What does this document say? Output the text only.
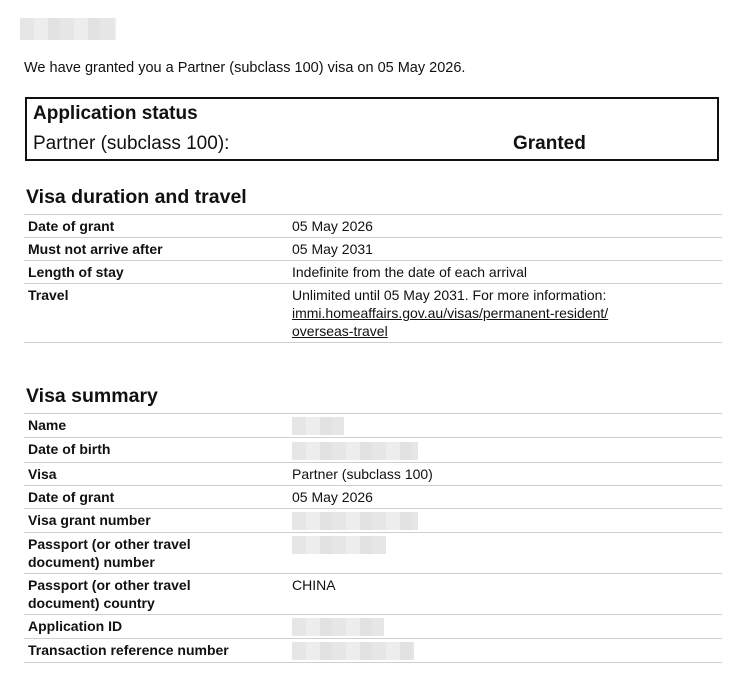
We have granted you a Partner (subclass 100) visa on 05 May 2026.
Application status
Partner (subclass 100):	Granted
Visa duration and travel
Date of grant	05 May 2026
Must not arrive after	05 May 2031
Length of stay	Indefinite from the date of each arrival
Travel	Unlimited until 05 May 2031. For more information:
immi.homeaffairs.gov.au/visas/permanent-resident/
overseas-travel
Visa summary
Name	
Date of birth	
Visa	Partner (subclass 100)
Date of grant	05 May 2026
Visa grant number	

Passport (or other travel
document) number	

Passport (or other travel
document) country	CHINA
Application ID	
Transaction reference number	
